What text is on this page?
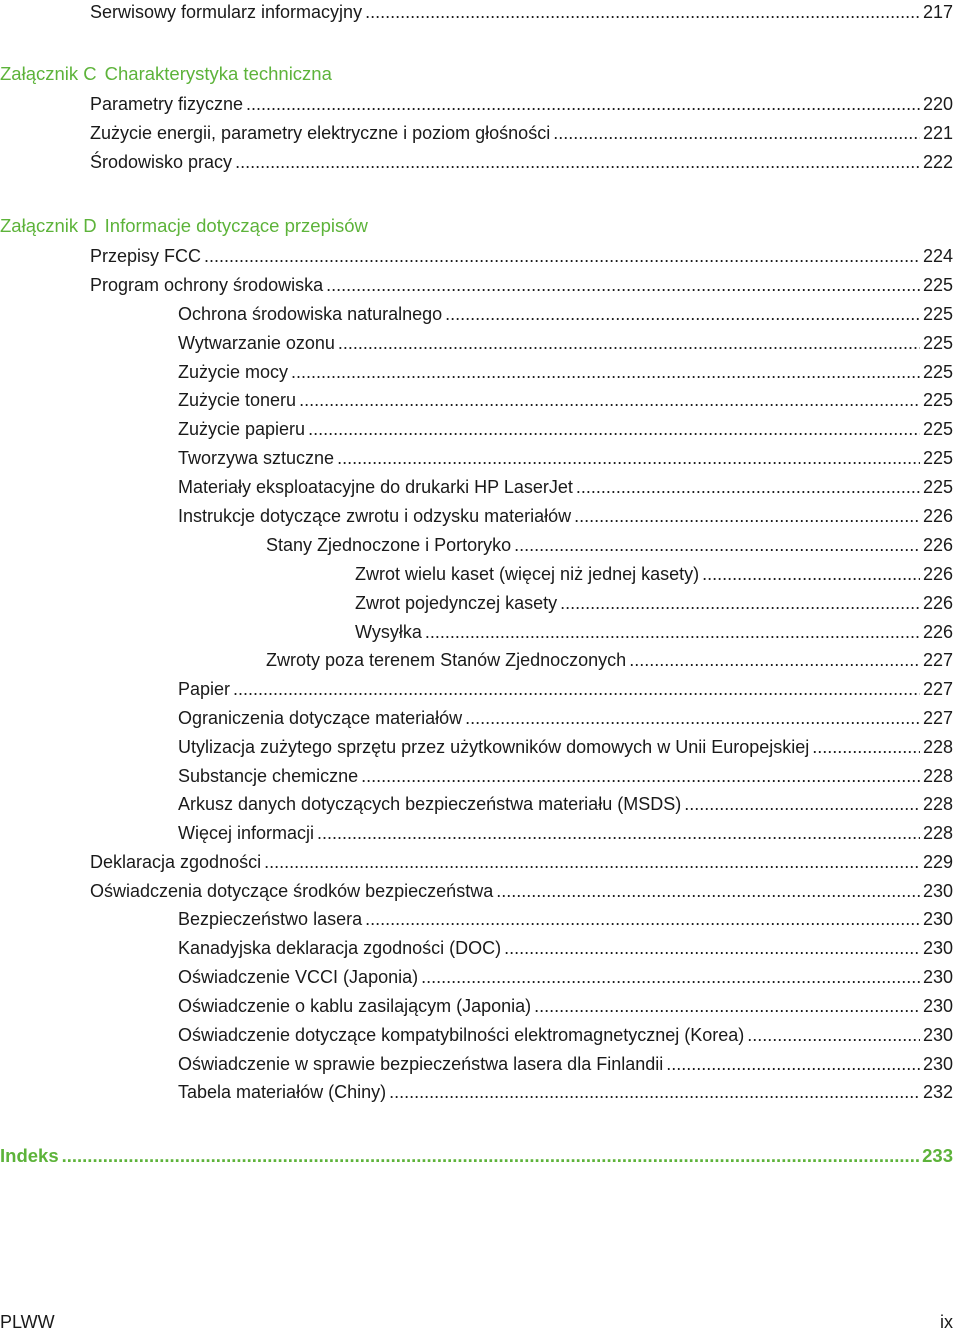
Serwisowy formularz informacyjny .....	217
Załącznik C Charakterystyka techniczna
Parametry fizyczne .....	220
Zużycie energii, parametry elektryczne i poziom głośności .....	221
Środowisko pracy .....	222
Załącznik D Informacje dotyczące przepisów
Przepisy FCC .....	224
Program ochrony środowiska .....	225
Ochrona środowiska naturalnego .....	225
Wytwarzanie ozonu .....	225
Zużycie mocy .....	225
Zużycie toneru .....	225
Zużycie papieru .....	225
Tworzywa sztuczne .....	225
Materiały eksploatacyjne do drukarki HP LaserJet .....	225
Instrukcje dotyczące zwrotu i odzysku materiałów .....	226
Stany Zjednoczone i Portoryko .....	226
Zwrot wielu kaset (więcej niż jednej kasety) .....	226
Zwrot pojedynczej kasety .....	226
Wysyłka .....	226
Zwroty poza terenem Stanów Zjednoczonych .....	227
Papier .....	227
Ograniczenia dotyczące materiałów .....	227
Utylizacja zużytego sprzętu przez użytkowników domowych w Unii Europejskiej .....	228
Substancje chemiczne .....	228
Arkusz danych dotyczących bezpieczeństwa materiału (MSDS) .....	228
Więcej informacji .....	228
Deklaracja zgodności .....	229
Oświadczenia dotyczące środków bezpieczeństwa .....	230
Bezpieczeństwo lasera .....	230
Kanadyjska deklaracja zgodności (DOC) .....	230
Oświadczenie VCCI (Japonia) .....	230
Oświadczenie o kablu zasilającym (Japonia) .....	230
Oświadczenie dotyczące kompatybilności elektromagnetycznej (Korea) .....	230
Oświadczenie w sprawie bezpieczeństwa lasera dla Finlandii .....	230
Tabela materiałów (Chiny) .....	232
Indeks .....	233
PLWW	ix
